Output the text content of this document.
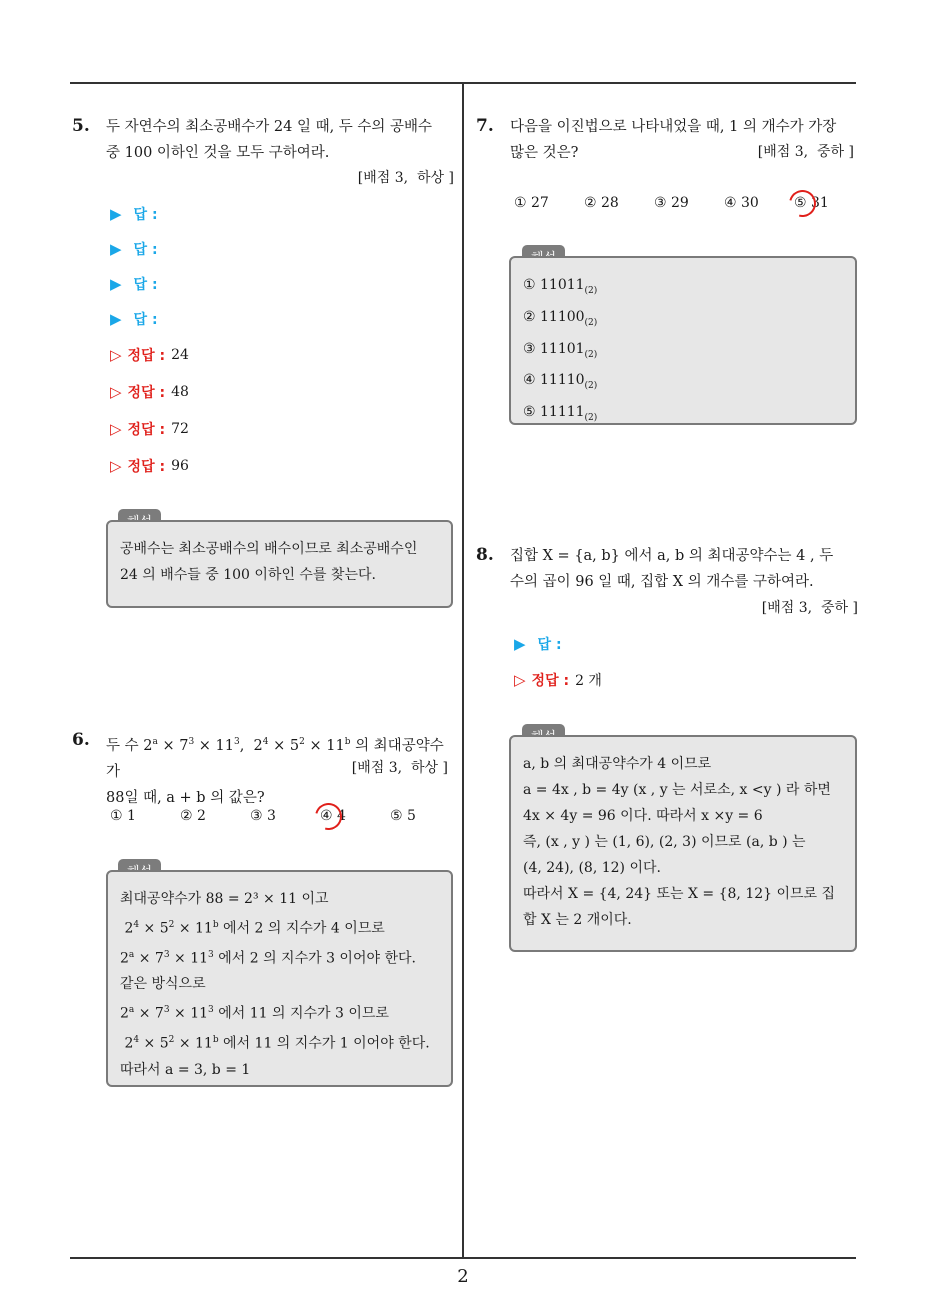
2
5. 두 자연수의 최소공배수가 24 일 때, 두 수의 공배수
중 100 이하인 것을 모두 구하여라.
[배점 3, 하상 ]
▶ 답 :
▶ 답 :
▶ 답 :
▶ 답 :
▷ 정답 : 24
▷ 정답 : 48
▷ 정답 : 72
▷ 정답 : 96
공배수는 최소공배수의 배수이므로 최소공배수인
24 의 배수들 중 100 이하인 수를 찾는다.
6. 두 수 $2^a \times 7^3 \times 11^3$,  $2^4 \times 5^2 \times 11^b$ 의 최대공약수가
88일 때, a + b 의 값은?
[배점 3, 하상 ]
① 1	② 2	③ 3	④ 4	⑤ 5
최대공약수가 88 = 2³ × 11 이고
$2^4 \times 5^2 \times 11^b$ 에서 2 의 지수가 4 이므로
$2^a \times 7^3 \times 11^3$ 에서 2 의 지수가 3 이어야 한다.
같은 방식으로
$2^a \times 7^3 \times 11^3$ 에서 11 의 지수가 3 이므로
$2^4 \times 5^2 \times 11^b$ 에서 11 의 지수가 1 이어야 한다.
따라서 a = 3, b = 1
7. 다음을 이진법으로 나타내었을 때, 1 의 개수가 가장
많은 것은?	[배점 3, 중하 ]
① 27	② 28	③ 29	④ 30	⑤ 31
① $11011_{(2)}$
② $11100_{(2)}$
③ $11101_{(2)}$
④ $11110_{(2)}$
⑤ $11111_{(2)}$
8. 집합 X = {a, b} 에서 a, b 의 최대공약수는 4 , 두
수의 곱이 96 일 때, 집합 X 의 개수를 구하여라.
[배점 3, 중하 ]
▶ 답 :
▷ 정답 : 2 개
a, b 의 최대공약수가 4 이므로
a = 4x , b = 4y (x , y 는 서로소, x <y ) 라 하면
4x × 4y = 96 이다. 따라서 x ×y = 6
즉, (x , y ) 는 (1, 6), (2, 3) 이므로 (a, b ) 는
(4, 24), (8, 12) 이다.
따라서 X = {4, 24} 또는 X = {8, 12} 이므로 집
합 X 는 2 개이다.
